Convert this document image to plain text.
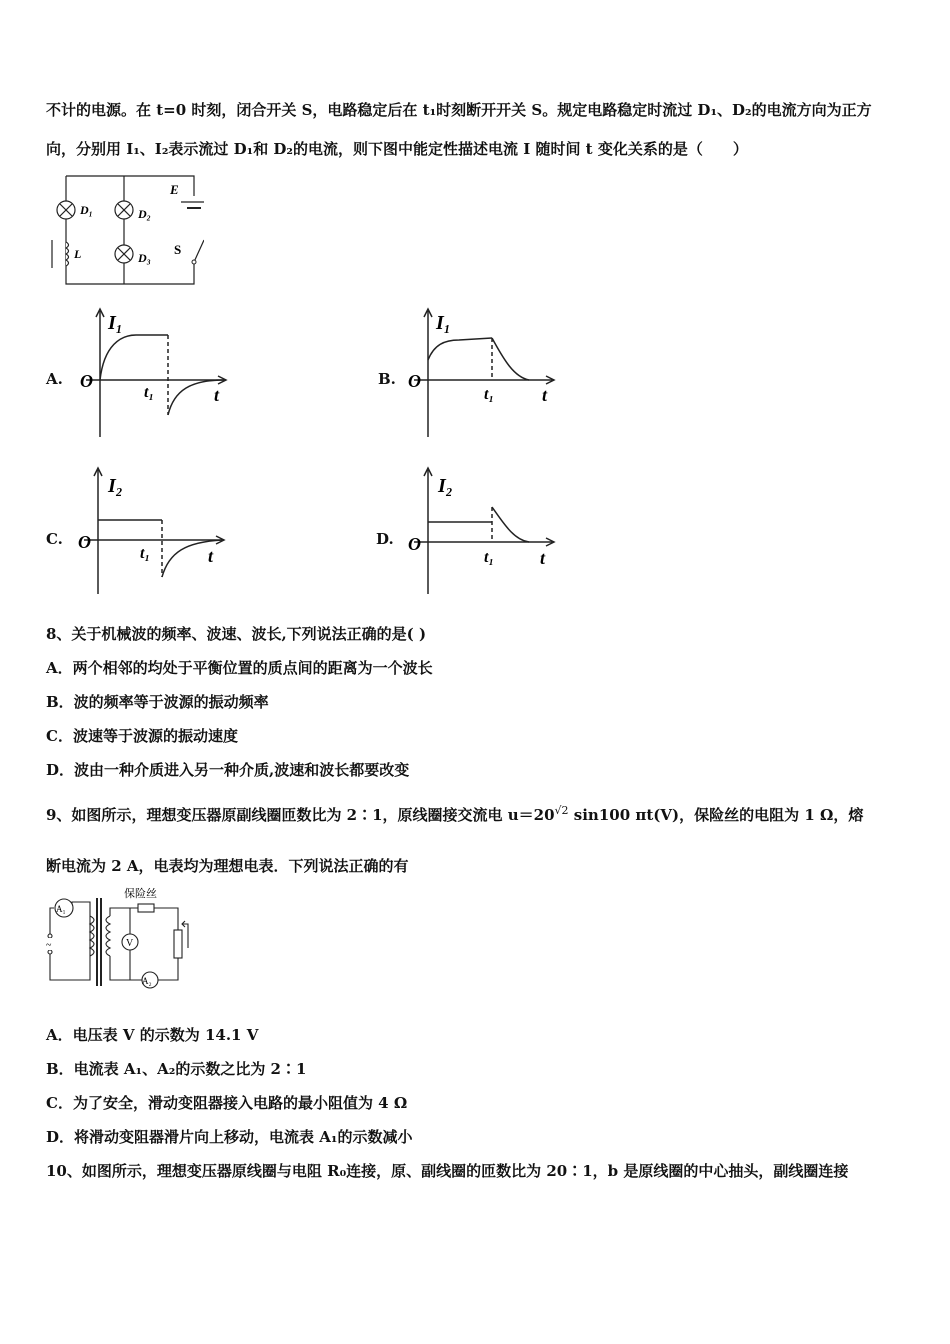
不计的电源。在 t=0 时刻，闭合开关 S，电路稳定后在 t₁时刻断开开关 S。规定电路稳定时流过 D₁、D₂的电流方向为正方
向，分别用 I₁、I₂表示流过 D₁和 D₂的电流，则下图中能定性描述电流 I 随时间 t 变化关系的是（　　）
E
S
D₁	D₂
D₃
L
A.
I₁
O
t₁	t
B.
I₁
O
t₁	t
C.
I₂
O
t₁	t
D.
I₂
O
t₁	t
8、关于机械波的频率、波速、波长,下列说法正确的是( )
A．两个相邻的均处于平衡位置的质点间的距离为一个波长
B．波的频率等于波源的振动频率
C．波速等于波源的振动速度
D．波由一种介质进入另一种介质,波速和波长都要改变
9、如图所示，理想变压器原副线圈匝数比为 2∶1，原线圈接交流电 $u=20^{√2}$ sin100 πt(V)，保险丝的电阻为 1 Ω，熔
断电流为 2 A，电表均为理想电表．下列说法正确的有
~
保险丝
A₁
V
A₂
A．电压表 V 的示数为 14.1 V
B．电流表 A₁、A₂的示数之比为 2∶1
C．为了安全，滑动变阻器接入电路的最小阻值为 4 Ω
D．将滑动变阻器滑片向上移动，电流表 A₁的示数减小
10、如图所示，理想变压器原线圈与电阻 R₀连接，原、副线圈的匝数比为 20∶1，b 是原线圈的中心抽头，副线圈连接
